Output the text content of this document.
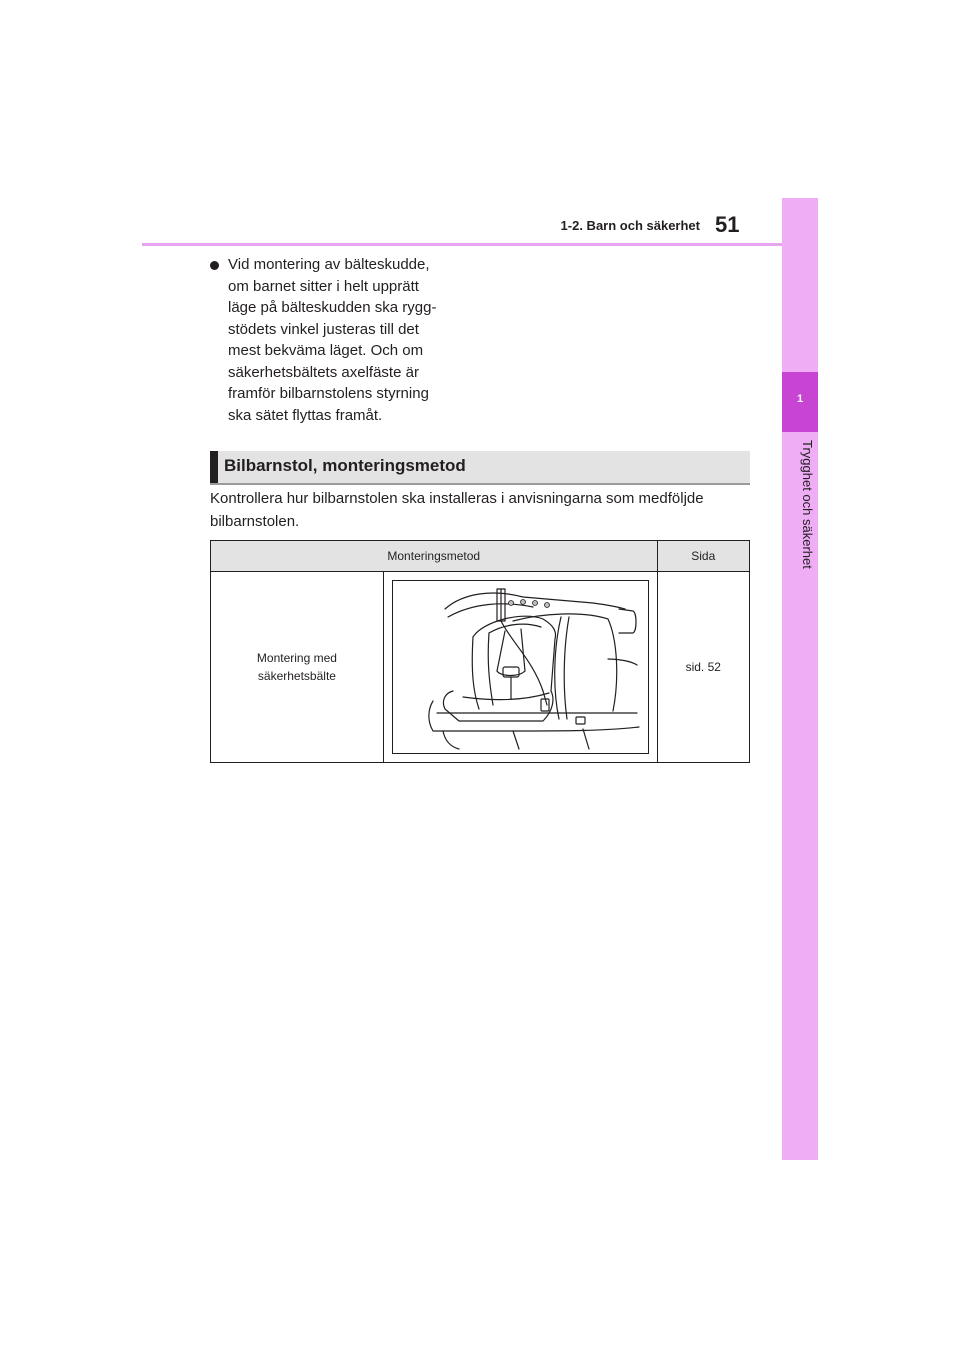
1-2. Barn och säkerhet 51
1
Trygghet och säkerhet
Vid montering av bälteskudde,
om barnet sitter i helt upprätt
läge på bälteskudden ska rygg-
stödets vinkel justeras till det
mest bekväma läget. Och om
säkerhetsbältets axelfäste är
framför bilbarnstolens styrning
ska sätet flyttas framåt.
Bilbarnstol, monteringsmetod
Kontrollera hur bilbarnstolen ska installeras i anvisningarna som medföljde bilbarnstolen.
Monteringsmetod		Sida

Montering med
säkerhetsbälte		sid. 52
